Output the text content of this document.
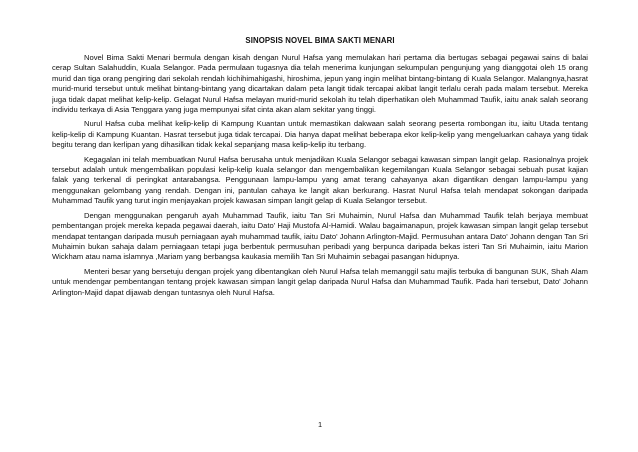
SINOPSIS NOVEL BIMA SAKTI MENARI

Novel Bima Sakti Menari bermula dengan kisah dengan Nurul Hafsa yang memulakan hari pertama dia bertugas sebagai pegawai sains di balai cerap Sultan Salahuddin, Kuala Selangor. Pada permulaan tugasnya dia telah menerima kunjungan sekumpulan pengunjung yang dianggotai oleh 15 orang murid dan tiga orang pengiring dari sekolah rendah kichihimahigashi, hiroshima, jepun yang ingin melihat bintang-bintang di Kuala Selangor. Malangnya,hasrat murid-murid tersebut untuk melihat bintang-bintang yang dicartakan dalam peta langit tidak tercapai akibat langit terlalu cerah pada malam tersebut. Mereka juga tidak dapat melihat kelip-kelip. Gelagat Nurul Hafsa melayan murid-murid sekolah itu telah diperhatikan oleh Muhammad Taufik, iaitu anak salah seorang individu terkaya di Asia Tenggara yang juga mempunyai sifat cinta akan alam sekitar yang tinggi.

Nurul Hafsa cuba melihat kelip-kelip di Kampung Kuantan untuk memastikan dakwaan salah seorang peserta rombongan itu, iaitu Utada tentang kelip-kelip di Kampung Kuantan. Hasrat tersebut juga tidak tercapai. Dia hanya dapat melihat beberapa ekor kelip-kelip yang mengeluarkan cahaya yang tidak begitu terang dan kerlipan yang dihasilkan tidak kekal sepanjang masa kelip-kelip itu terbang.

Kegagalan ini telah membuatkan Nurul Hafsa berusaha untuk menjadikan Kuala Selangor sebagai kawasan simpan langit gelap. Rasionalnya projek tersebut adalah untuk mengembalikan populasi kelip-kelip kuala selangor dan mengembalikan kegemilangan Kuala Selangor sebagai sebuah pusat kajian falak yang terkenal di peringkat antarabangsa. Penggunaan lampu-lampu yang amat terang cahayanya akan digantikan dengan lampu-lampu yang menggunakan gelombang yang rendah. Dengan ini, pantulan cahaya ke langit akan berkurang. Hasrat Nurul Hafsa telah mendapat sokongan daripada Muhammad Taufik yang turut ingin menjayakan projek kawasan simpan langit gelap di Kuala Selangor tersebut.

Dengan menggunakan pengaruh ayah Muhammad Taufik, iaitu Tan Sri Muhaimin, Nurul Hafsa dan Muhammad Taufik telah berjaya membuat pembentangan projek mereka kepada pegawai daerah, iaitu Dato' Haji Mustofa Al-Hamidi. Walau bagaimanapun, projek kawasan simpan langit gelap tersebut mendapat tentangan daripada musuh perniagaan ayah muhammad taufik, iaitu Dato' Johann Arlington-Majid. Permusuhan antara Dato' Johann dengan Tan Sri Muhaimin bukan sahaja dalam perniagaan tetapi juga berbentuk permusuhan peribadi yang berpunca daripada bekas isteri Tan Sri Muhaimin, iaitu Marion Wickham atau nama islamnya ,Mariam yang berbangsa kaukasia memilih Tan Sri Muhaimin sebagai pasangan hidupnya.

Menteri besar yang bersetuju dengan projek yang dibentangkan oleh Nurul Hafsa telah memanggil satu majlis terbuka di bangunan SUK, Shah Alam untuk mendengar pembentangan tentang projek kawasan simpan langit gelap daripada Nurul Hafsa dan Muhammad Taufik. Pada hari tersebut, Dato' Johann Arlington-Majid dapat dijawab dengan tuntasnya oleh Nurul Hafsa.

1
